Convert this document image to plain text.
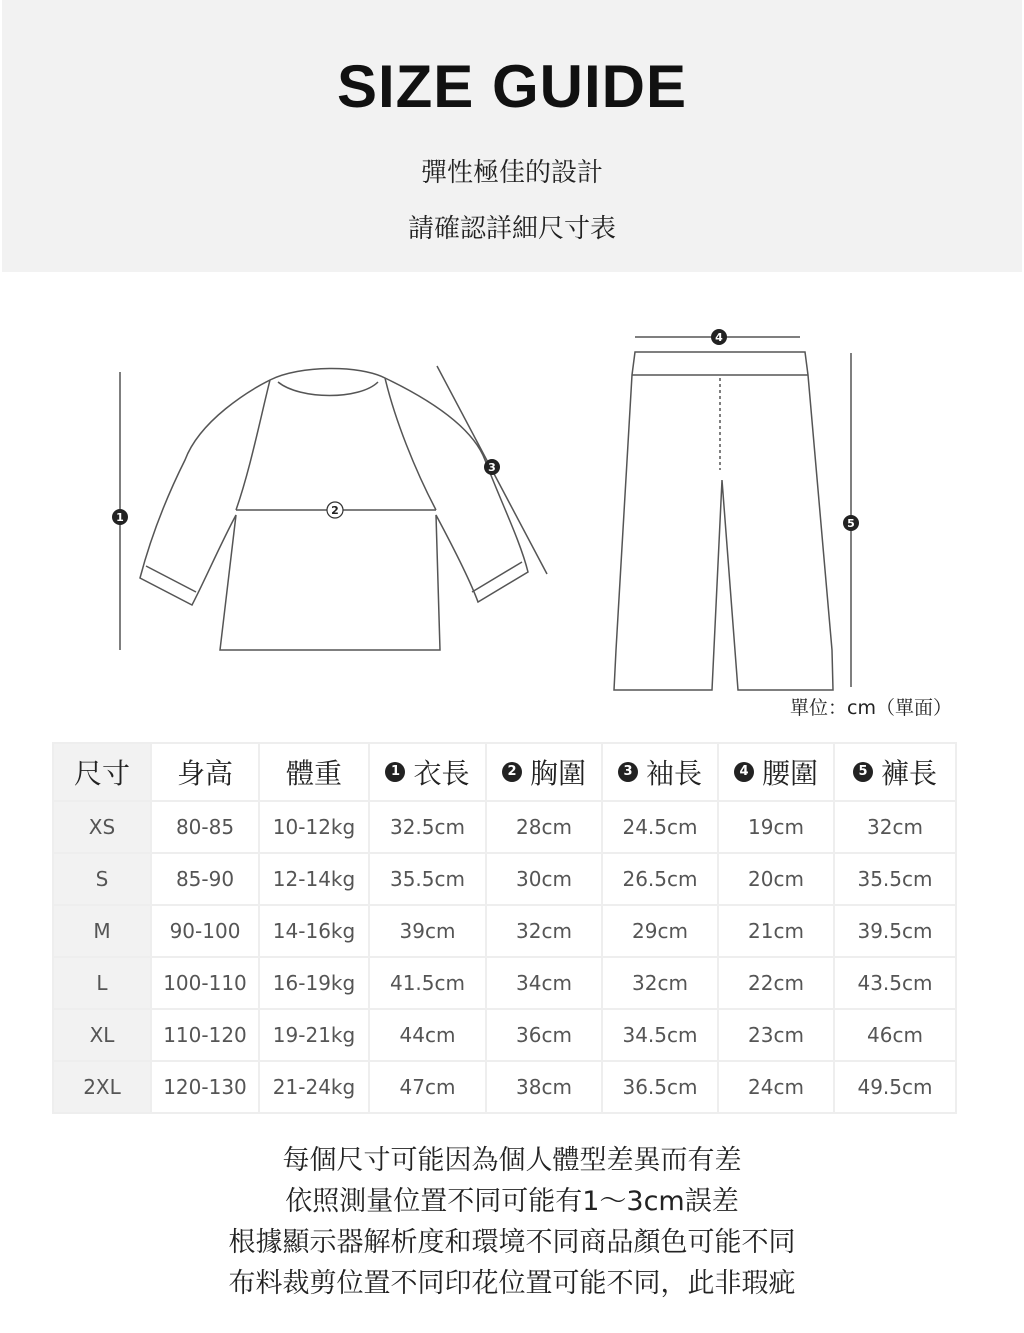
SIZE GUIDE
彈性極佳的設計
請確認詳細尺寸表
1
2
3
4
5
單位：cm（單面）
尺寸	身高	體重	1 衣長	2 胸圍	3 袖長	4 腰圍	5 褲長
XS	80-85	10-12kg	32.5cm	28cm	24.5cm	19cm	32cm
S	85-90	12-14kg	35.5cm	30cm	26.5cm	20cm	35.5cm
M	90-100	14-16kg	39cm	32cm	29cm	21cm	39.5cm
L	100-110	16-19kg	41.5cm	34cm	32cm	22cm	43.5cm
XL	110-120	19-21kg	44cm	36cm	34.5cm	23cm	46cm
2XL	120-130	21-24kg	47cm	38cm	36.5cm	24cm	49.5cm
每個尺寸可能因為個人體型差異而有差
依照測量位置不同可能有1～3cm誤差
根據顯示器解析度和環境不同商品顏色可能不同
布料裁剪位置不同印花位置可能不同，此非瑕疵
